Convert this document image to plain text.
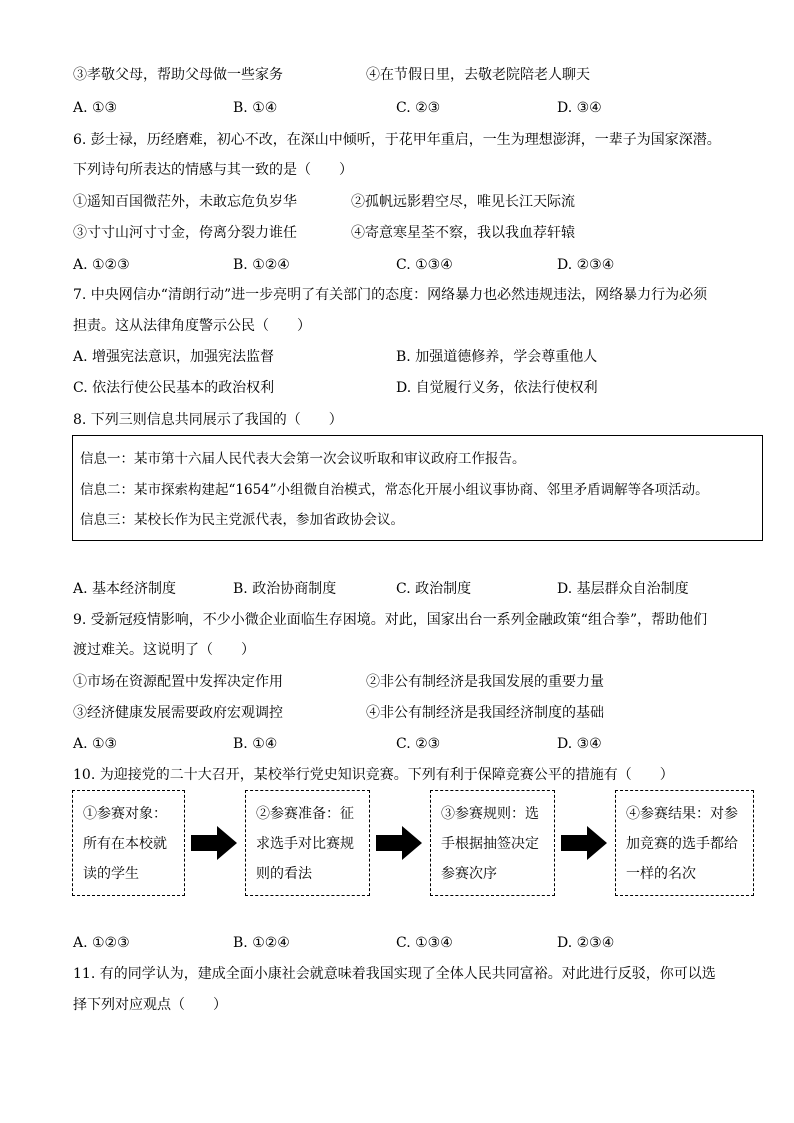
③孝敬父母，帮助父母做一些家务	④在节假日里，去敬老院陪老人聊天
A. ①③	B. ①④	C. ②③	D. ③④
6. 彭士禄，历经磨难，初心不改，在深山中倾听，于花甲年重启，一生为理想澎湃，一辈子为国家深潜。
下列诗句所表达的情感与其一致的是（　　）
①遥知百国微茫外，未敢忘危负岁华	②孤帆远影碧空尽，唯见长江天际流
③寸寸山河寸寸金，侉离分裂力谁任	④寄意寒星荃不察，我以我血荐轩辕
A. ①②③	B. ①②④	C. ①③④	D. ②③④
7. 中央网信办“清朗行动”进一步亮明了有关部门的态度：网络暴力也必然违规违法，网络暴力行为必须
担责。这从法律角度警示公民（　　）
A. 增强宪法意识，加强宪法监督	B. 加强道德修养，学会尊重他人
C. 依法行使公民基本的政治权利	D. 自觉履行义务，依法行使权利
8. 下列三则信息共同展示了我国的（　　）
信息一：某市第十六届人民代表大会第一次会议听取和审议政府工作报告。
信息二：某市探索构建起“1654”小组微自治模式，常态化开展小组议事协商、邻里矛盾调解等各项活动。
信息三：某校长作为民主党派代表，参加省政协会议。
A. 基本经济制度	B. 政治协商制度	C. 政治制度	D. 基层群众自治制度
9. 受新冠疫情影响，不少小微企业面临生存困境。对此，国家出台一系列金融政策“组合拳”，帮助他们
渡过难关。这说明了（　　）
①市场在资源配置中发挥决定作用	②非公有制经济是我国发展的重要力量
③经济健康发展需要政府宏观调控	④非公有制经济是我国经济制度的基础
A. ①③	B. ①④	C. ②③	D. ③④
10. 为迎接党的二十大召开，某校举行党史知识竞赛。下列有利于保障竞赛公平的措施有（　　）
①参赛对象：
所有在本校就
读的学生
②参赛准备：征
求选手对比赛规
则的看法
③参赛规则：选
手根据抽签决定
参赛次序
④参赛结果：对参
加竞赛的选手都给
一样的名次
A. ①②③	B. ①②④	C. ①③④	D. ②③④
11. 有的同学认为，建成全面小康社会就意味着我国实现了全体人民共同富裕。对此进行反驳，你可以选
择下列对应观点（　　）
